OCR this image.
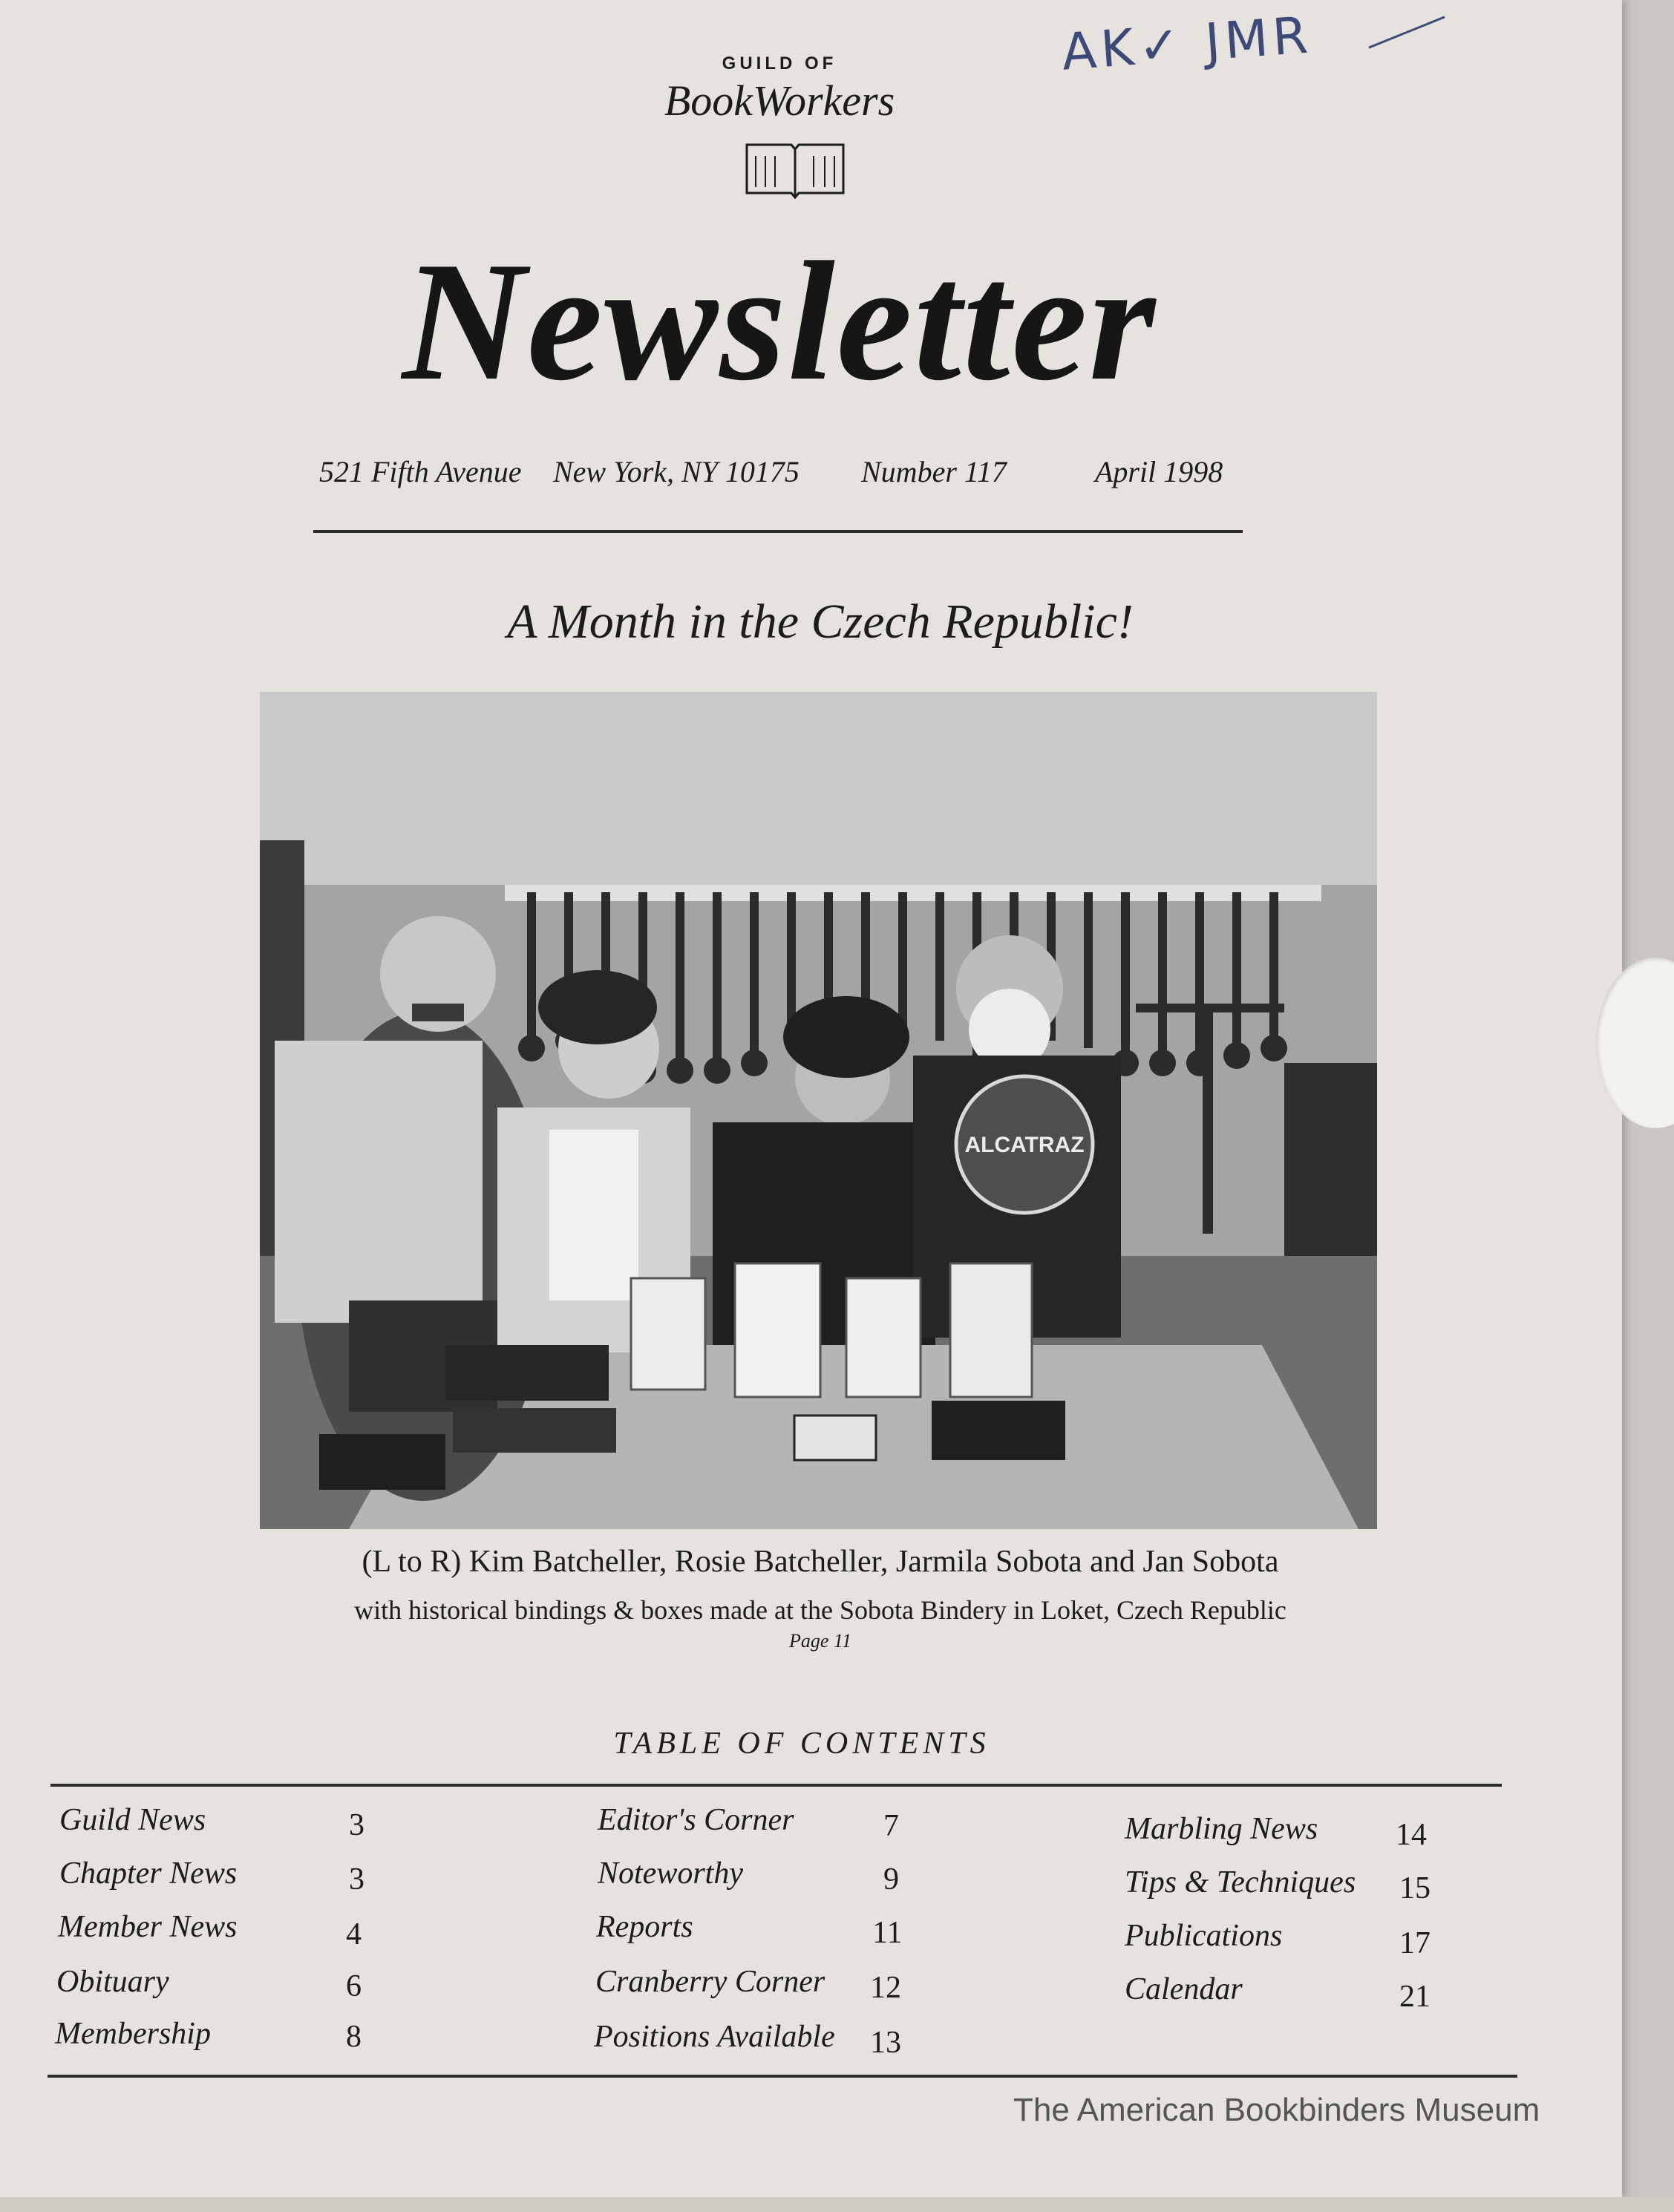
AK✓ JMR
GUILD OF
BookWorkers
Newsletter
521 Fifth Avenue New York, NY 10175 Number 117	April 1998
A Month in the Czech Republic!
ALCATRAZ
(L to R) Kim Batcheller, Rosie Batcheller, Jarmila Sobota and Jan Sobota
with historical bindings & boxes made at the Sobota Bindery in Loket, Czech Republic
Page 11
TABLE OF CONTENTS
Guild News	3
Chapter News	3
Member News	4
Obituary	6
Membership	8
Editor's Corner	7
Noteworthy	9
Reports	11
Cranberry Corner 12
Positions Available 13
Marbling News 14
Tips & Techniques 15
Publications	17
Calendar	21
The American Bookbinders Museum
